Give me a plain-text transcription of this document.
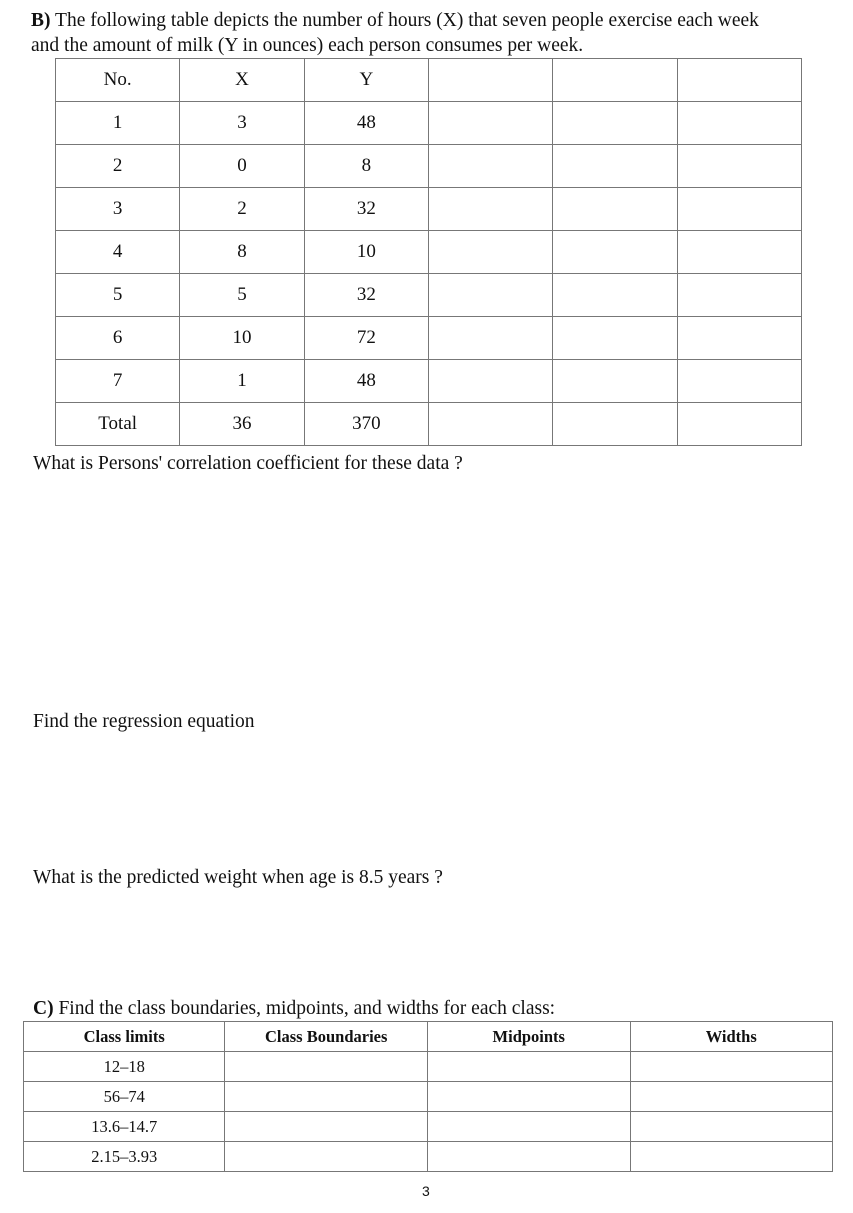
B) The following table depicts the number of hours (X) that seven people exercise each week
and the amount of milk (Y in ounces) each person consumes per week.
No.	X	Y			
1	3	48			
2	0	8			
3	2	32			
4	8	10			
5	5	32			
6	10	72			
7	1	48			
Total	36	370			
What is Persons' correlation coefficient for these data ?
Find the regression equation
What is the predicted weight when age is 8.5 years ?
C) Find the class boundaries, midpoints, and widths for each class:
Class limits	Class Boundaries	Midpoints	Widths
12–18			
56–74			
13.6–14.7			
2.15–3.93			
3
